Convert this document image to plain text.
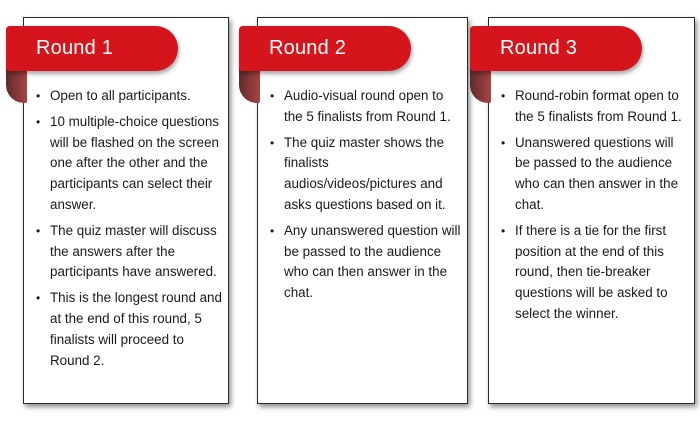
Round 1	Round 2	Round 3
• Open to all participants.
• 10 multiple-choice questions will be flashed on the screen one after the other and the participants can select their answer.
• The quiz master will discuss the answers after the participants have answered.
• This is the longest round and at the end of this round, 5 finalists will proceed to Round 2.
• Audio-visual round open to the 5 finalists from Round 1.
• The quiz master shows the finalists audios/videos/pictures and asks questions based on it.
• Any unanswered question will be passed to the audience who can then answer in the chat.
• Round-robin format open to the 5 finalists from Round 1.
• Unanswered questions will be passed to the audience who can then answer in the chat.
• If there is a tie for the first position at the end of this round, then tie-breaker questions will be asked to select the winner.
